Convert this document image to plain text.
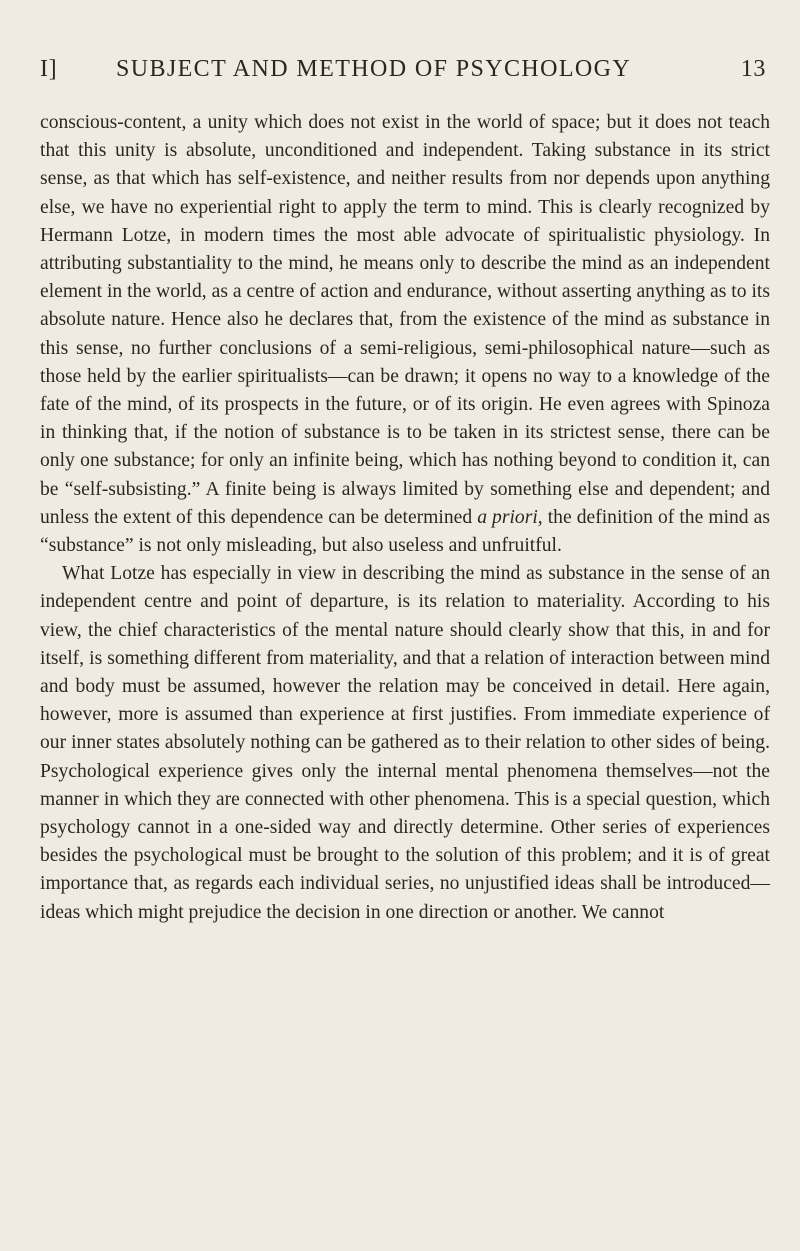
I] SUBJECT AND METHOD OF PSYCHOLOGY	13

conscious-content, a unity which does not exist in the world of space; but it does not teach that this unity is absolute, unconditioned and independent. Taking substance in its strict sense, as that which has self-existence, and neither results from nor depends upon anything else, we have no experiential right to apply the term to mind. This is clearly recognized by Hermann Lotze, in modern times the most able advocate of spiritualistic physiology. In attributing substantiality to the mind, he means only to describe the mind as an independent element in the world, as a centre of action and endurance, without asserting anything as to its absolute nature. Hence also he declares that, from the existence of the mind as substance in this sense, no further conclusions of a semi-religious, semi-philosophical nature—such as those held by the earlier spiritualists—can be drawn; it opens no way to a knowledge of the fate of the mind, of its prospects in the future, or of its origin. He even agrees with Spinoza in thinking that, if the notion of substance is to be taken in its strictest sense, there can be only one substance; for only an infinite being, which has nothing beyond to condition it, can be “self-subsisting.” A finite being is always limited by something else and dependent; and unless the extent of this dependence can be determined a priori, the definition of the mind as “substance” is not only misleading, but also useless and unfruitful.

What Lotze has especially in view in describing the mind as substance in the sense of an independent centre and point of departure, is its relation to materiality. According to his view, the chief characteristics of the mental nature should clearly show that this, in and for itself, is something different from materiality, and that a relation of interaction between mind and body must be assumed, however the relation may be conceived in detail. Here again, however, more is assumed than experience at first justifies. From immediate experience of our inner states absolutely nothing can be gathered as to their relation to other sides of being. Psychological experience gives only the internal mental phenomena themselves—not the manner in which they are connected with other phenomena. This is a special question, which psychology cannot in a one-sided way and directly determine. Other series of experiences besides the psychological must be brought to the solution of this problem; and it is of great importance that, as regards each individual series, no unjustified ideas shall be introduced—ideas which might prejudice the decision in one direction or another. We cannot
